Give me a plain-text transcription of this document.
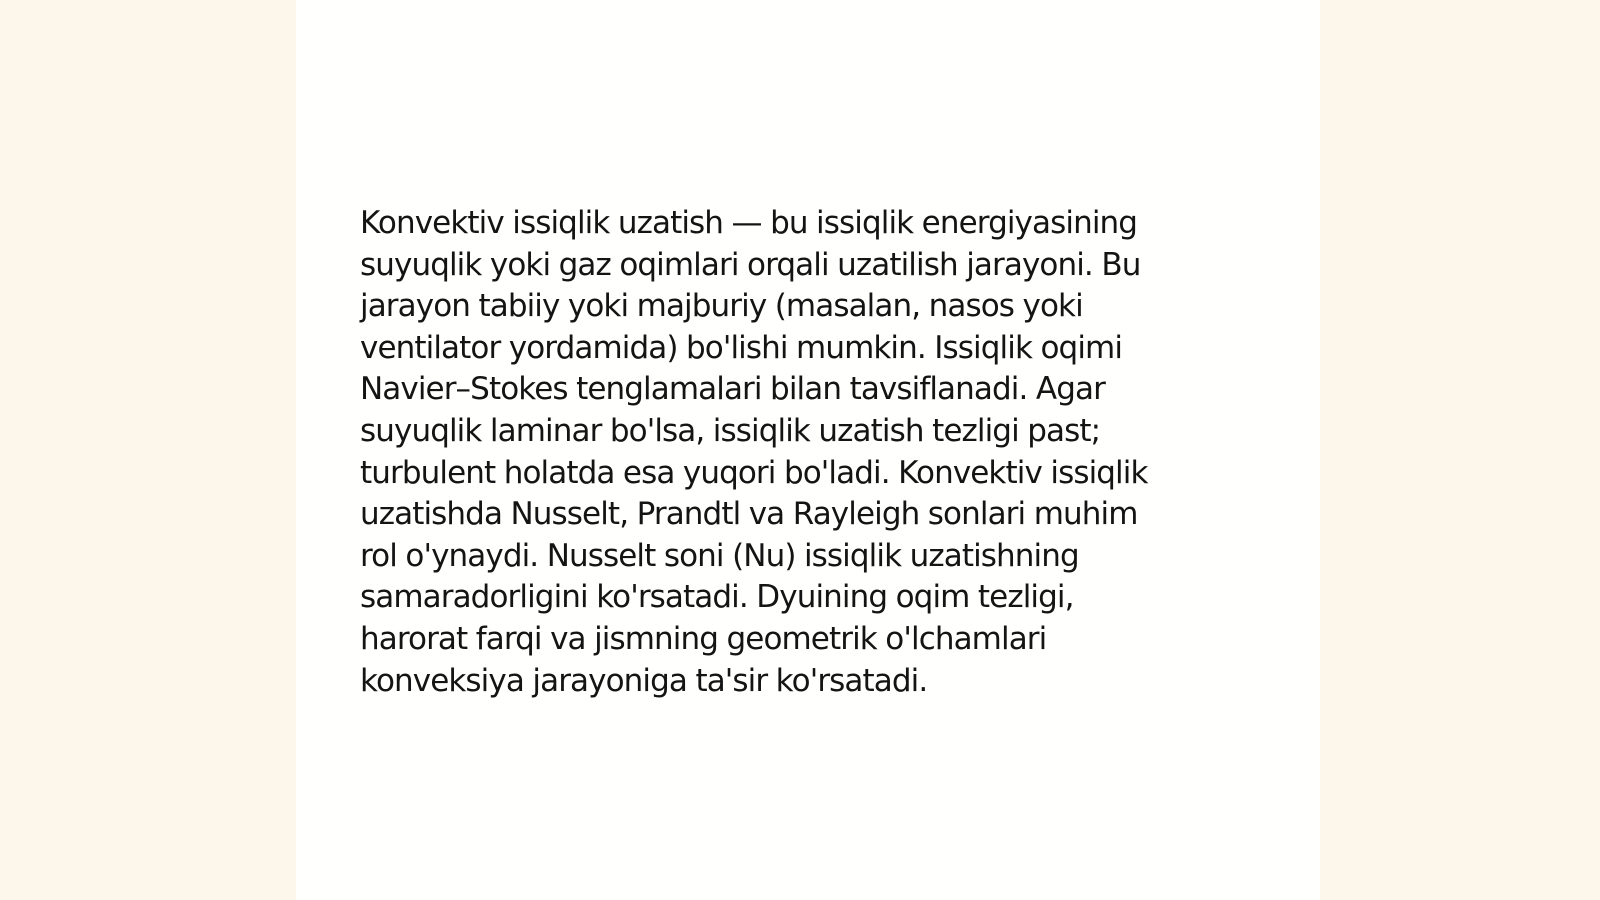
Konvektiv issiqlik uzatish — bu issiqlik energiyasining
suyuqlik yoki gaz oqimlari orqali uzatilish jarayoni. Bu
jarayon tabiiy yoki majburiy (masalan, nasos yoki
ventilator yordamida) bo'lishi mumkin. Issiqlik oqimi
Navier–Stokes tenglamalari bilan tavsiflanadi. Agar
suyuqlik laminar bo'lsa, issiqlik uzatish tezligi past;
turbulent holatda esa yuqori bo'ladi. Konvektiv issiqlik
uzatishda Nusselt, Prandtl va Rayleigh sonlari muhim
rol o'ynaydi. Nusselt soni (Nu) issiqlik uzatishning
samaradorligini ko'rsatadi. Dyuining oqim tezligi,
harorat farqi va jismning geometrik o'lchamlari
konveksiya jarayoniga ta'sir ko'rsatadi.
